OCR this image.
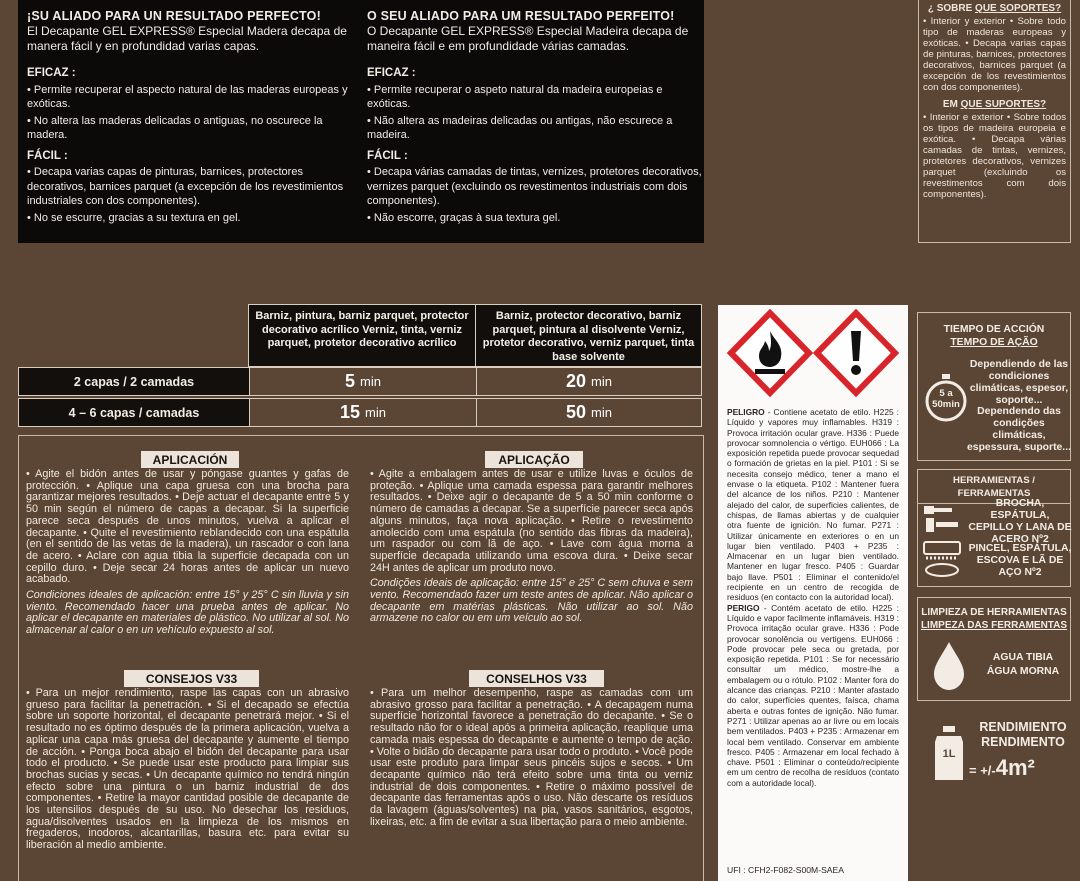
¡SU ALIADO PARA UN RESULTADO PERFECTO!
El Decapante GEL EXPRESS® Especial Madera decapa de manera fácil y en profundidad varias capas.
EFICAZ :

• Permite recuperar el aspecto natural de las maderas europeas y exóticas.

• No altera las maderas delicadas o antiguas, no oscurece la madera.

FÁCIL :

• Decapa varias capas de pinturas, barnices, protectores decorativos, barnices parquet (a excepción de los revestimientos industriales con dos componentes).

• No se escurre, gracias a su textura en gel.

O SEU ALIADO PARA UM RESULTADO PERFEITO!
O Decapante GEL EXPRESS® Especial Madeira decapa de maneira fácil e em profundidade várias camadas.
EFICAZ :

• Permite recuperar o aspeto natural da madeira europeias e exóticas.

• Não altera as madeiras delicadas ou antigas, não escurece a madeira.

FÁCIL :

• Decapa várias camadas de tintas, vernizes, protetores decorativos, vernizes parquet (excluindo os revestimentos industriais com dois componentes).

• Não escorre, graças à sua textura gel.

¿ SOBRE QUE SOPORTES?
• Interior y exterior • Sobre todo tipo de maderas europeas y exóticas. • Decapa varias capas de pinturas, barnices, protectores decorativos, barnices parquet (a excepción de los revestimientos con dos componentes).
EM QUE SUPORTES?
• Interior e exterior • Sobre todos os tipos de madeira europeia e exótica. • Decapa várias camadas de tintas, vernizes, protetores decorativos, vernizes parquet (excluindo os revestimentos com dois componentes).
Barniz, pintura, barniz parquet, protector decorativo acrílico Verniz, tinta, verniz parquet, protetor decorativo acrílico
Barniz, protector decorativo, barniz parquet, pintura al disolvente Verniz, protetor decorativo, verniz parquet, tinta base solvente
2 capas / 2 camadas	5 min	20 min
4 – 6 capas / camadas	15 min	50 min
APLICACIÓN	APLICAÇÃO
• Agite el bidón antes de usar y póngase guantes y gafas de protección. • Aplique una capa gruesa con una brocha para garantizar mejores resultados. • Deje actuar el decapante entre 5 y 50 min según el número de capas a decapar. Si la superficie parece seca después de unos minutos, vuelva a aplicar el decapante. • Quite el revestimiento reblandecido con una espátula (en el sentido de las vetas de la madera), un rascador o con lana de acero. • Aclare con agua tibia la superficie decapada con un cepillo duro. • Deje secar 24 horas antes de aplicar un nuevo acabado.
Condiciones ideales de aplicación: entre 15° y 25° C sin lluvia y sin viento. Recomendado hacer una prueba antes de aplicar. No aplicar el decapante en materiales de plástico. No utilizar al sol. No almacenar al calor o en un vehículo expuesto al sol.
• Agite a embalagem antes de usar e utilize luvas e óculos de proteção. • Aplique uma camada espessa para garantir melhores resultados. • Deixe agir o decapante de 5 a 50 min conforme o número de camadas a decapar. Se a superfície parecer seca após alguns minutos, faça nova aplicação. • Retire o revestimento amolecido com uma espátula (no sentido das fibras da madeira), um raspador ou com lã de aço. • Lave com água morna a superfície decapada utilizando uma escova dura. • Deixe secar 24H antes de aplicar um produto novo.
Condições ideais de aplicação: entre 15° e 25° C sem chuva e sem vento. Recomendado fazer um teste antes de aplicar. Não aplicar o decapante em matérias plásticas. Não utilizar ao sol. Não armazene no calor ou em um veículo ao sol.
CONSEJOS V33	CONSELHOS V33
• Para un mejor rendimiento, raspe las capas con un abrasivo grueso para facilitar la penetración. • Si el decapado se efectúa sobre un soporte horizontal, el decapante penetrará mejor. • Si el resultado no es óptimo después de la primera aplicación, vuelva a aplicar una capa más gruesa del decapante y aumente el tiempo de acción. • Ponga boca abajo el bidón del decapante para usar todo el producto. • Se puede usar este producto para limpiar sus brochas sucias y secas. • Un decapante químico no tendrá ningún efecto sobre una pintura o un barniz industrial de dos componentes. • Retire la mayor cantidad posible de decapante de los utensilios después de su uso. No desechar los residuos, agua/disolventes usados en la limpieza de los mismos en fregaderos, inodoros, alcantarillas, basura etc. para evitar su liberación al medio ambiente.
• Para um melhor desempenho, raspe as camadas com um abrasivo grosso para facilitar a penetração. • A decapagem numa superfície horizontal favorece a penetração do decapante. • Se o resultado não for o ideal após a primeira aplicação, reaplique uma camada mais espessa do decapante e aumente o tempo de ação. • Volte o bidão do decapante para usar todo o produto. • Você pode usar este produto para limpar seus pincéis sujos e secos. • Um decapante químico não terá efeito sobre uma tinta ou verniz industrial de dois componentes. • Retire o máximo possível de decapante das ferramentas após o uso. Não descarte os resíduos da lavagem (águas/solventes) na pia, vasos sanitários, esgotos, lixeiras, etc. a fim de evitar a sua libertação para o meio ambiente.
PELIGRO - Contiene acetato de etilo. H225 : Líquido y vapores muy inflamables. H319 : Provoca irritación ocular grave. H336 : Puede provocar somnolencia o vértigo. EUH066 : La exposición repetida puede provocar sequedad o formación de grietas en la piel. P101 : Si se necesita consejo médico, tener a mano el envase o la etiqueta. P102 : Mantener fuera del alcance de los niños. P210 : Mantener alejado del calor, de superficies calientes, de chispas, de llamas abiertas y de cualquier otra fuente de ignición. No fumar. P271 : Utilizar únicamente en exteriores o en un lugar bien ventilado. P403 + P235 : Almacenar en un lugar bien ventilado. Mantener en lugar fresco. P405 : Guardar bajo llave. P501 : Eliminar el contenido/el recipiente en un centro de recogida de residuos (en contacto con la autoridad local).
PERIGO - Contém acetato de etilo. H225 : Líquido e vapor facilmente inflamáveis. H319 : Provoca irritação ocular grave. H336 : Pode provocar sonolência ou vertigens. EUH066 : Pode provocar pele seca ou gretada, por exposição repetida. P101 : Se for necessário consultar um médico, mostre-lhe a embalagem ou o rótulo. P102 : Manter fora do alcance das crianças. P210 : Manter afastado do calor, superfícies quentes, faísca, chama aberta e outras fontes de ignição. Não fumar. P271 : Utilizar apenas ao ar livre ou em locais bem ventilados. P403 + P235 : Armazenar em local bem ventilado. Conservar em ambiente fresco. P405 : Armazenar em local fechado à chave. P501 : Eliminar o conteúdo/recipiente em um centro de recolha de resíduos (contato com a autoridade local).
UFI : CFH2-F082-S00M-SAEA
TIEMPO DE ACCIÓN
TEMPO DE AÇÃO
5 a
50min
Dependiendo de las condiciones climáticas, espesor, soporte...
Dependendo das condições climáticas, espessura, suporte...
HERRAMIENTAS / FERRAMENTAS
BROCHA, ESPÁTULA, CEPILLO Y LANA DE ACERO Nº2
PINCEL, ESPÁTULA, ESCOVA E LÃ DE AÇO Nº2
LIMPIEZA DE HERRAMIENTAS
LIMPEZA DAS FERRAMENTAS
AGUA TIBIA
ÁGUA MORNA
RENDIMIENTO
RENDIMENTO
1L
= +/-4m²
